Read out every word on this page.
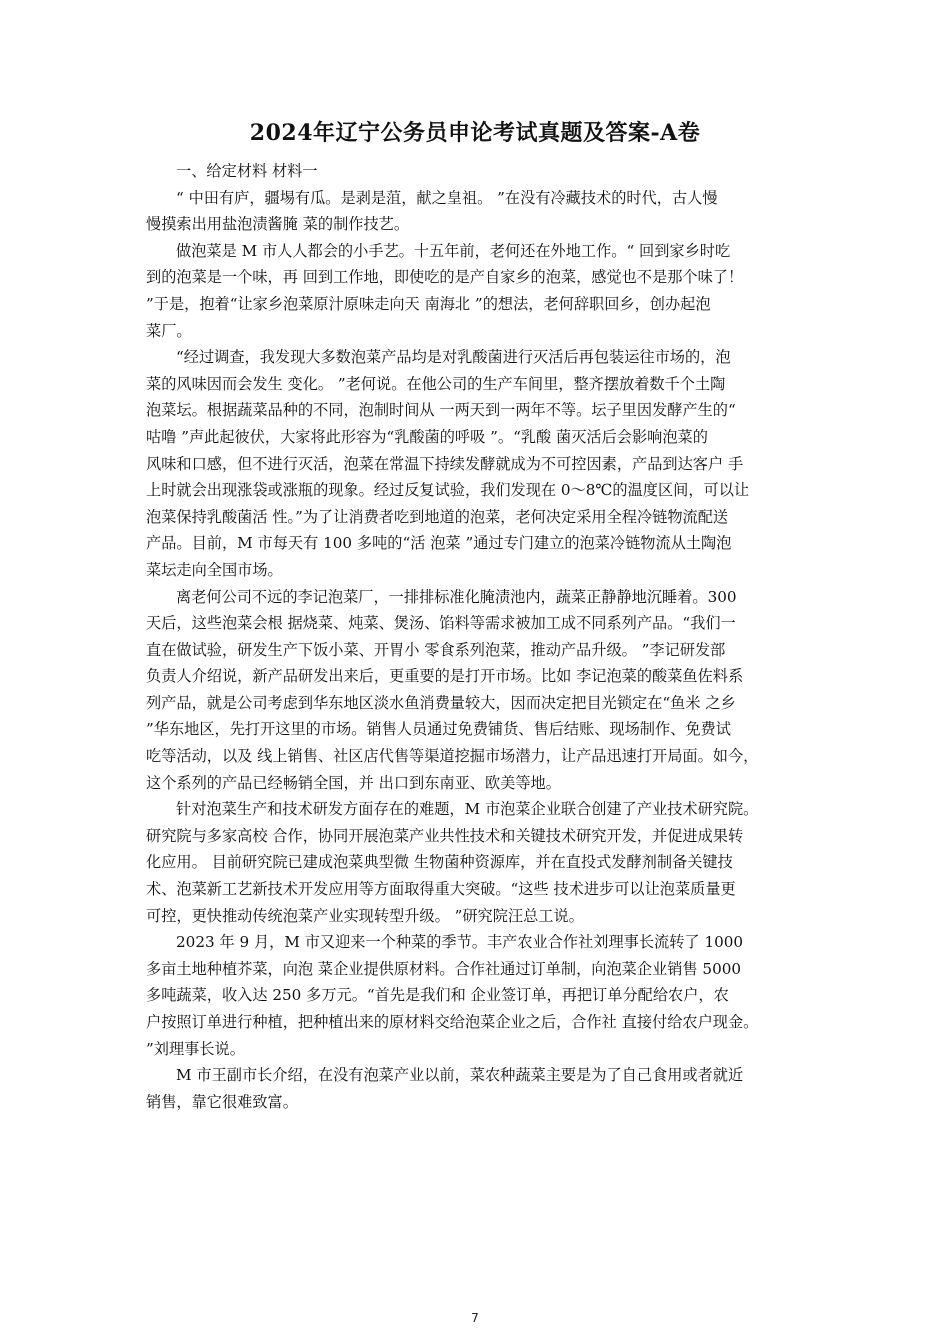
2024年辽宁公务员申论考试真题及答案-A卷
一、给定材料 材料一
“ 中田有庐，疆埸有瓜。是剥是菹，献之皇祖。 ”在没有冷藏技术的时代，古人慢
慢摸索出用盐泡渍酱腌 菜的制作技艺。
做泡菜是 M 市人人都会的小手艺。十五年前，老何还在外地工作。“ 回到家乡时吃
到的泡菜是一个味，再 回到工作地，即使吃的是产自家乡的泡菜，感觉也不是那个味了！
”于是，抱着“让家乡泡菜原汁原味走向天 南海北 ”的想法，老何辞职回乡，创办起泡
菜厂。
“经过调查，我发现大多数泡菜产品均是对乳酸菌进行灭活后再包装运往市场的，泡
菜的风味因而会发生 变化。 ”老何说。在他公司的生产车间里，整齐摆放着数千个土陶
泡菜坛。根据蔬菜品种的不同，泡制时间从 一两天到一两年不等。坛子里因发酵产生的“
咕噜 ”声此起彼伏，大家将此形容为“乳酸菌的呼吸 ”。“乳酸 菌灭活后会影响泡菜的
风味和口感，但不进行灭活，泡菜在常温下持续发酵就成为不可控因素，产品到达客户 手
上时就会出现涨袋或涨瓶的现象。经过反复试验，我们发现在 0～8℃的温度区间，可以让
泡菜保持乳酸菌活 性。”为了让消费者吃到地道的泡菜，老何决定采用全程冷链物流配送
产品。目前，M 市每天有 100 多吨的“活 泡菜 ”通过专门建立的泡菜冷链物流从土陶泡
菜坛走向全国市场。
离老何公司不远的李记泡菜厂，一排排标准化腌渍池内，蔬菜正静静地沉睡着。300
天后，这些泡菜会根 据烧菜、炖菜、煲汤、馅料等需求被加工成不同系列产品。“我们一
直在做试验，研发生产下饭小菜、开胃小 零食系列泡菜，推动产品升级。 ”李记研发部
负责人介绍说，新产品研发出来后，更重要的是打开市场。比如 李记泡菜的酸菜鱼佐料系
列产品，就是公司考虑到华东地区淡水鱼消费量较大，因而决定把目光锁定在“鱼米 之乡
”华东地区，先打开这里的市场。销售人员通过免费铺货、售后结账、现场制作、免费试
吃等活动，以及 线上销售、社区店代售等渠道挖掘市场潜力，让产品迅速打开局面。如今，
这个系列的产品已经畅销全国，并 出口到东南亚、欧美等地。
针对泡菜生产和技术研发方面存在的难题，M 市泡菜企业联合创建了产业技术研究院。
研究院与多家高校 合作，协同开展泡菜产业共性技术和关键技术研究开发，并促进成果转
化应用。 目前研究院已建成泡菜典型微 生物菌种资源库，并在直投式发酵剂制备关键技
术、泡菜新工艺新技术开发应用等方面取得重大突破。“这些 技术进步可以让泡菜质量更
可控，更快推动传统泡菜产业实现转型升级。 ”研究院汪总工说。
2023 年 9 月，M 市又迎来一个种菜的季节。丰产农业合作社刘理事长流转了 1000
多亩土地种植芥菜，向泡 菜企业提供原材料。合作社通过订单制，向泡菜企业销售 5000
多吨蔬菜，收入达 250 多万元。“首先是我们和 企业签订单，再把订单分配给农户，农
户按照订单进行种植，把种植出来的原材料交给泡菜企业之后，合作社 直接付给农户现金。
”刘理事长说。
M 市王副市长介绍，在没有泡菜产业以前，菜农种蔬菜主要是为了自己食用或者就近
销售，靠它很难致富。
7
